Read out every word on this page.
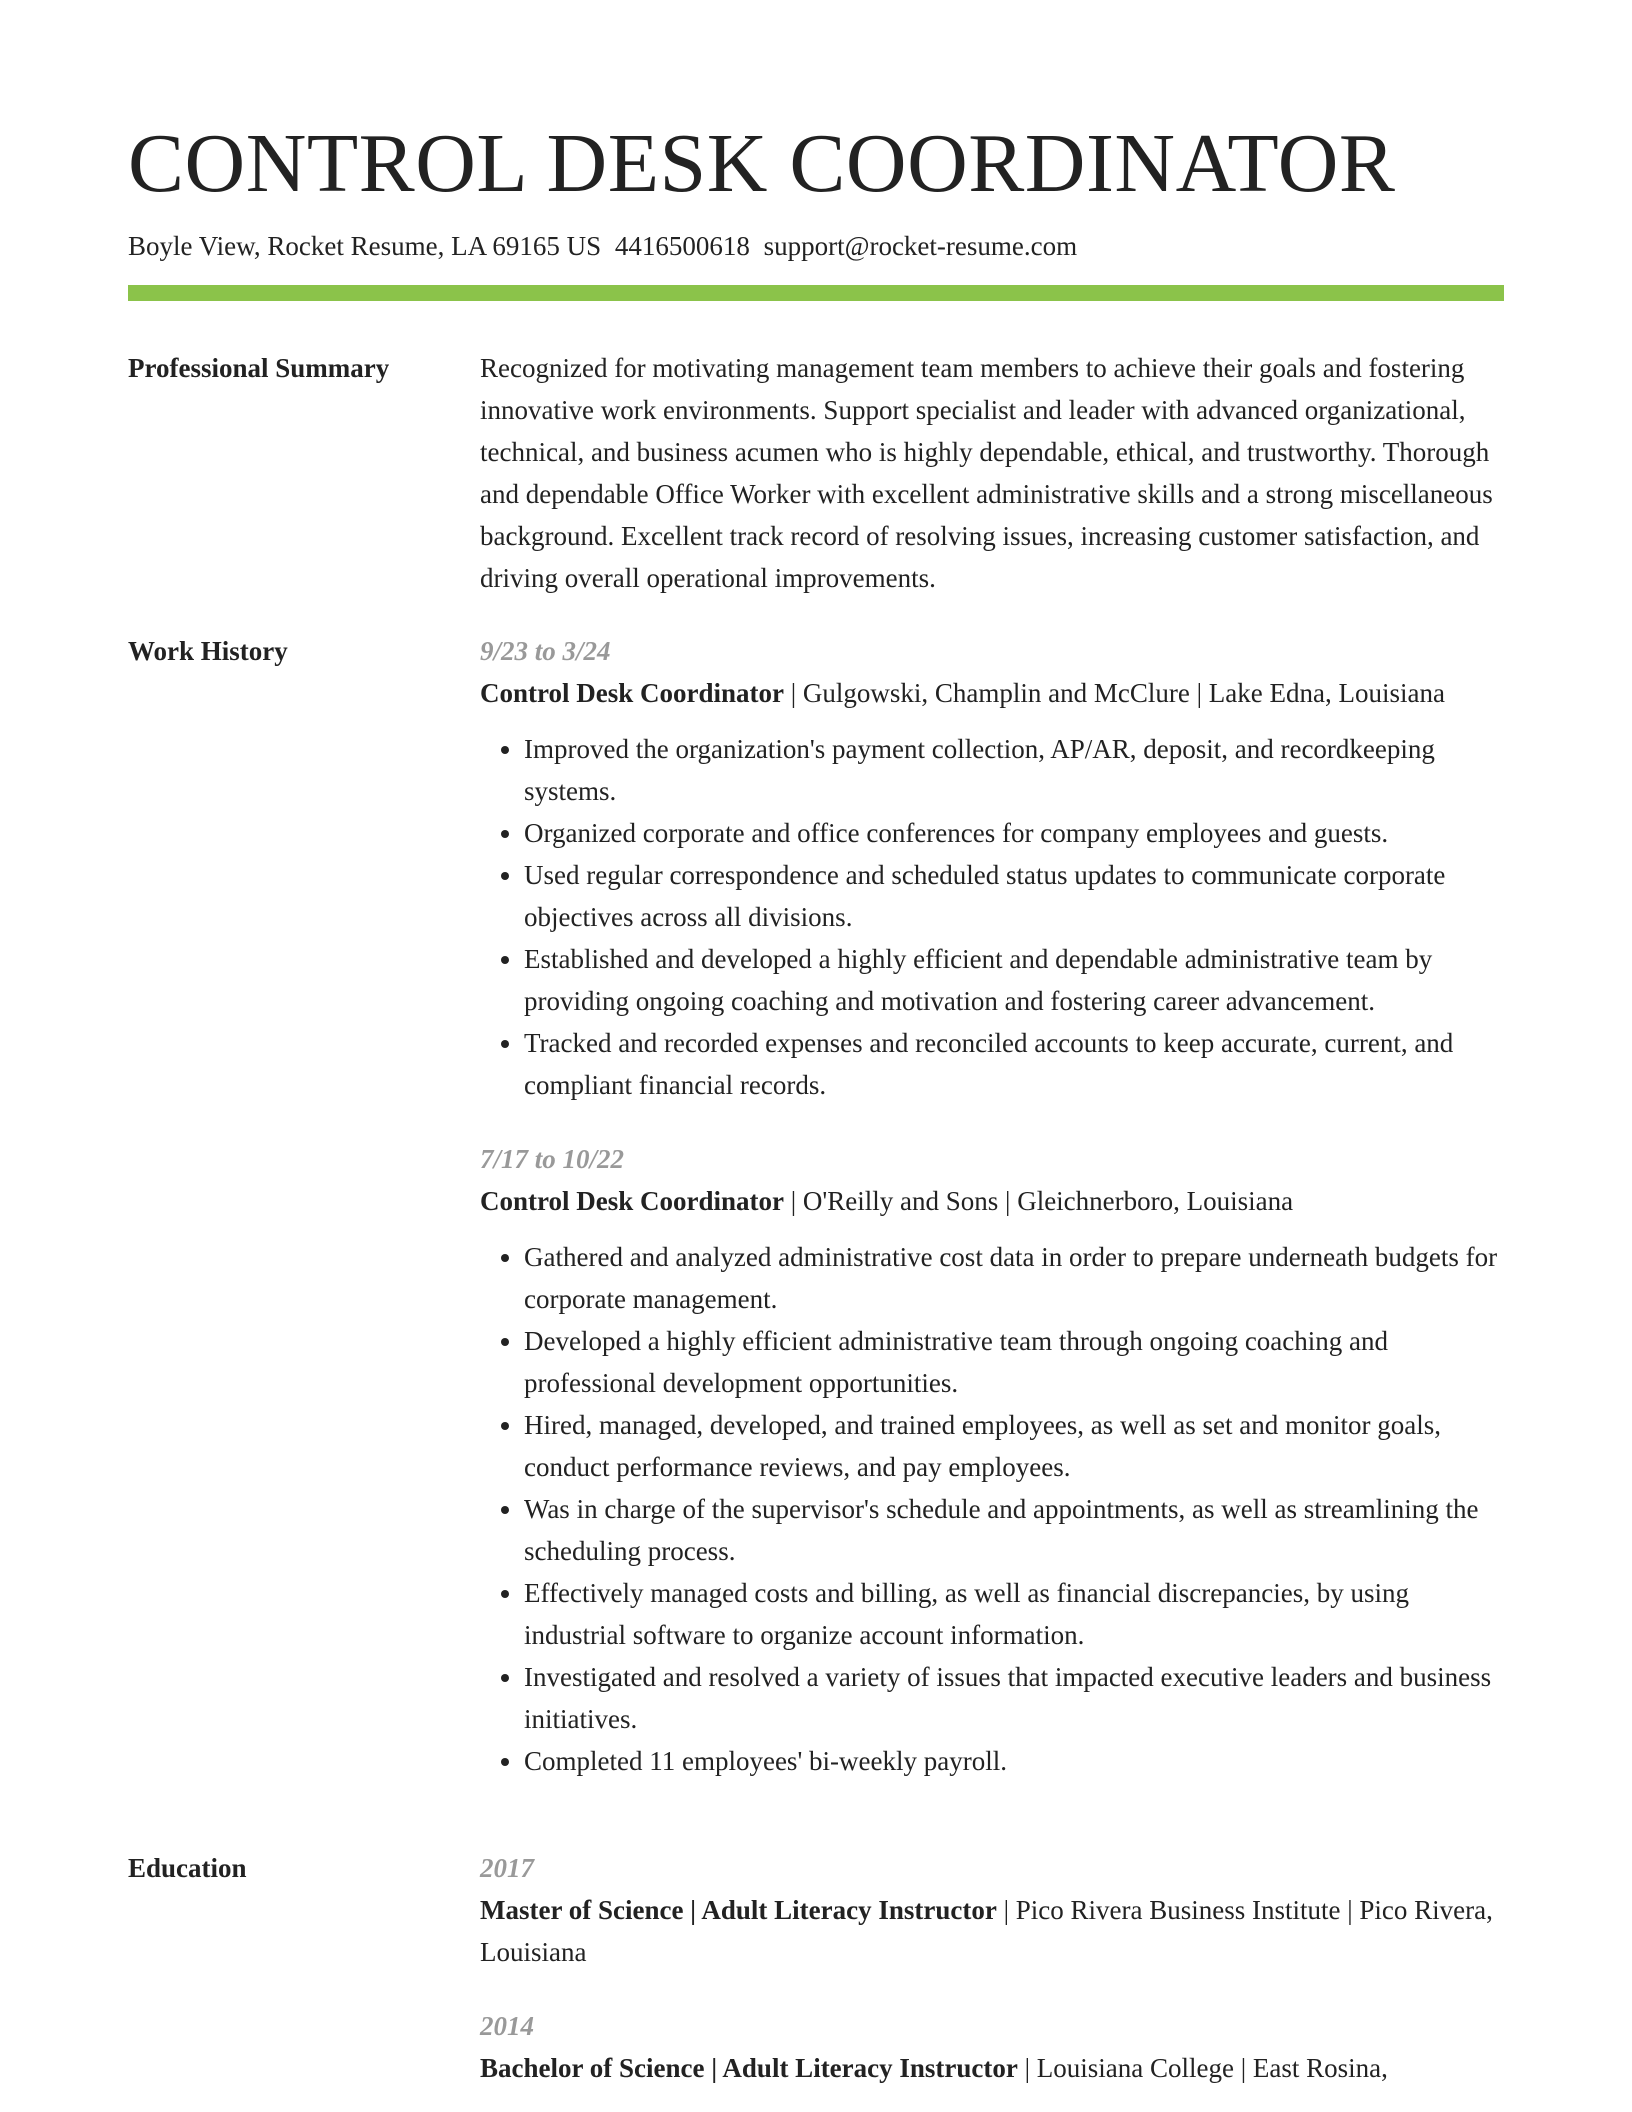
CONTROL DESK COORDINATOR

Boyle View, Rocket Resume, LA 69165 US 4416500618 support@rocket-resume.com

Professional Summary	Recognized for motivating management team members to achieve their goals and fostering innovative work environments. Support specialist and leader with advanced organizational, technical, and business acumen who is highly dependable, ethical, and trustworthy. Thorough and dependable Office Worker with excellent administrative skills and a strong miscellaneous background. Excellent track record of resolving issues, increasing customer satisfaction, and driving overall operational improvements.

Work History	9/23 to 3/24

Control Desk Coordinator | Gulgowski, Champlin and McClure | Lake Edna, Louisiana

• Improved the organization's payment collection, AP/AR, deposit, and recordkeeping systems.
• Organized corporate and office conferences for company employees and guests.
• Used regular correspondence and scheduled status updates to communicate corporate objectives across all divisions.
• Established and developed a highly efficient and dependable administrative team by providing ongoing coaching and motivation and fostering career advancement.
• Tracked and recorded expenses and reconciled accounts to keep accurate, current, and compliant financial records.

7/17 to 10/22

Control Desk Coordinator | O'Reilly and Sons | Gleichnerboro, Louisiana

• Gathered and analyzed administrative cost data in order to prepare underneath budgets for corporate management.
• Developed a highly efficient administrative team through ongoing coaching and professional development opportunities.
• Hired, managed, developed, and trained employees, as well as set and monitor goals, conduct performance reviews, and pay employees.
• Was in charge of the supervisor's schedule and appointments, as well as streamlining the scheduling process.
• Effectively managed costs and billing, as well as financial discrepancies, by using industrial software to organize account information.
• Investigated and resolved a variety of issues that impacted executive leaders and business initiatives.
• Completed 11 employees' bi-weekly payroll.
Education	2017

Master of Science | Adult Literacy Instructor | Pico Rivera Business Institute | Pico Rivera, Louisiana

2014

Bachelor of Science | Adult Literacy Instructor | Louisiana College | East Rosina,
